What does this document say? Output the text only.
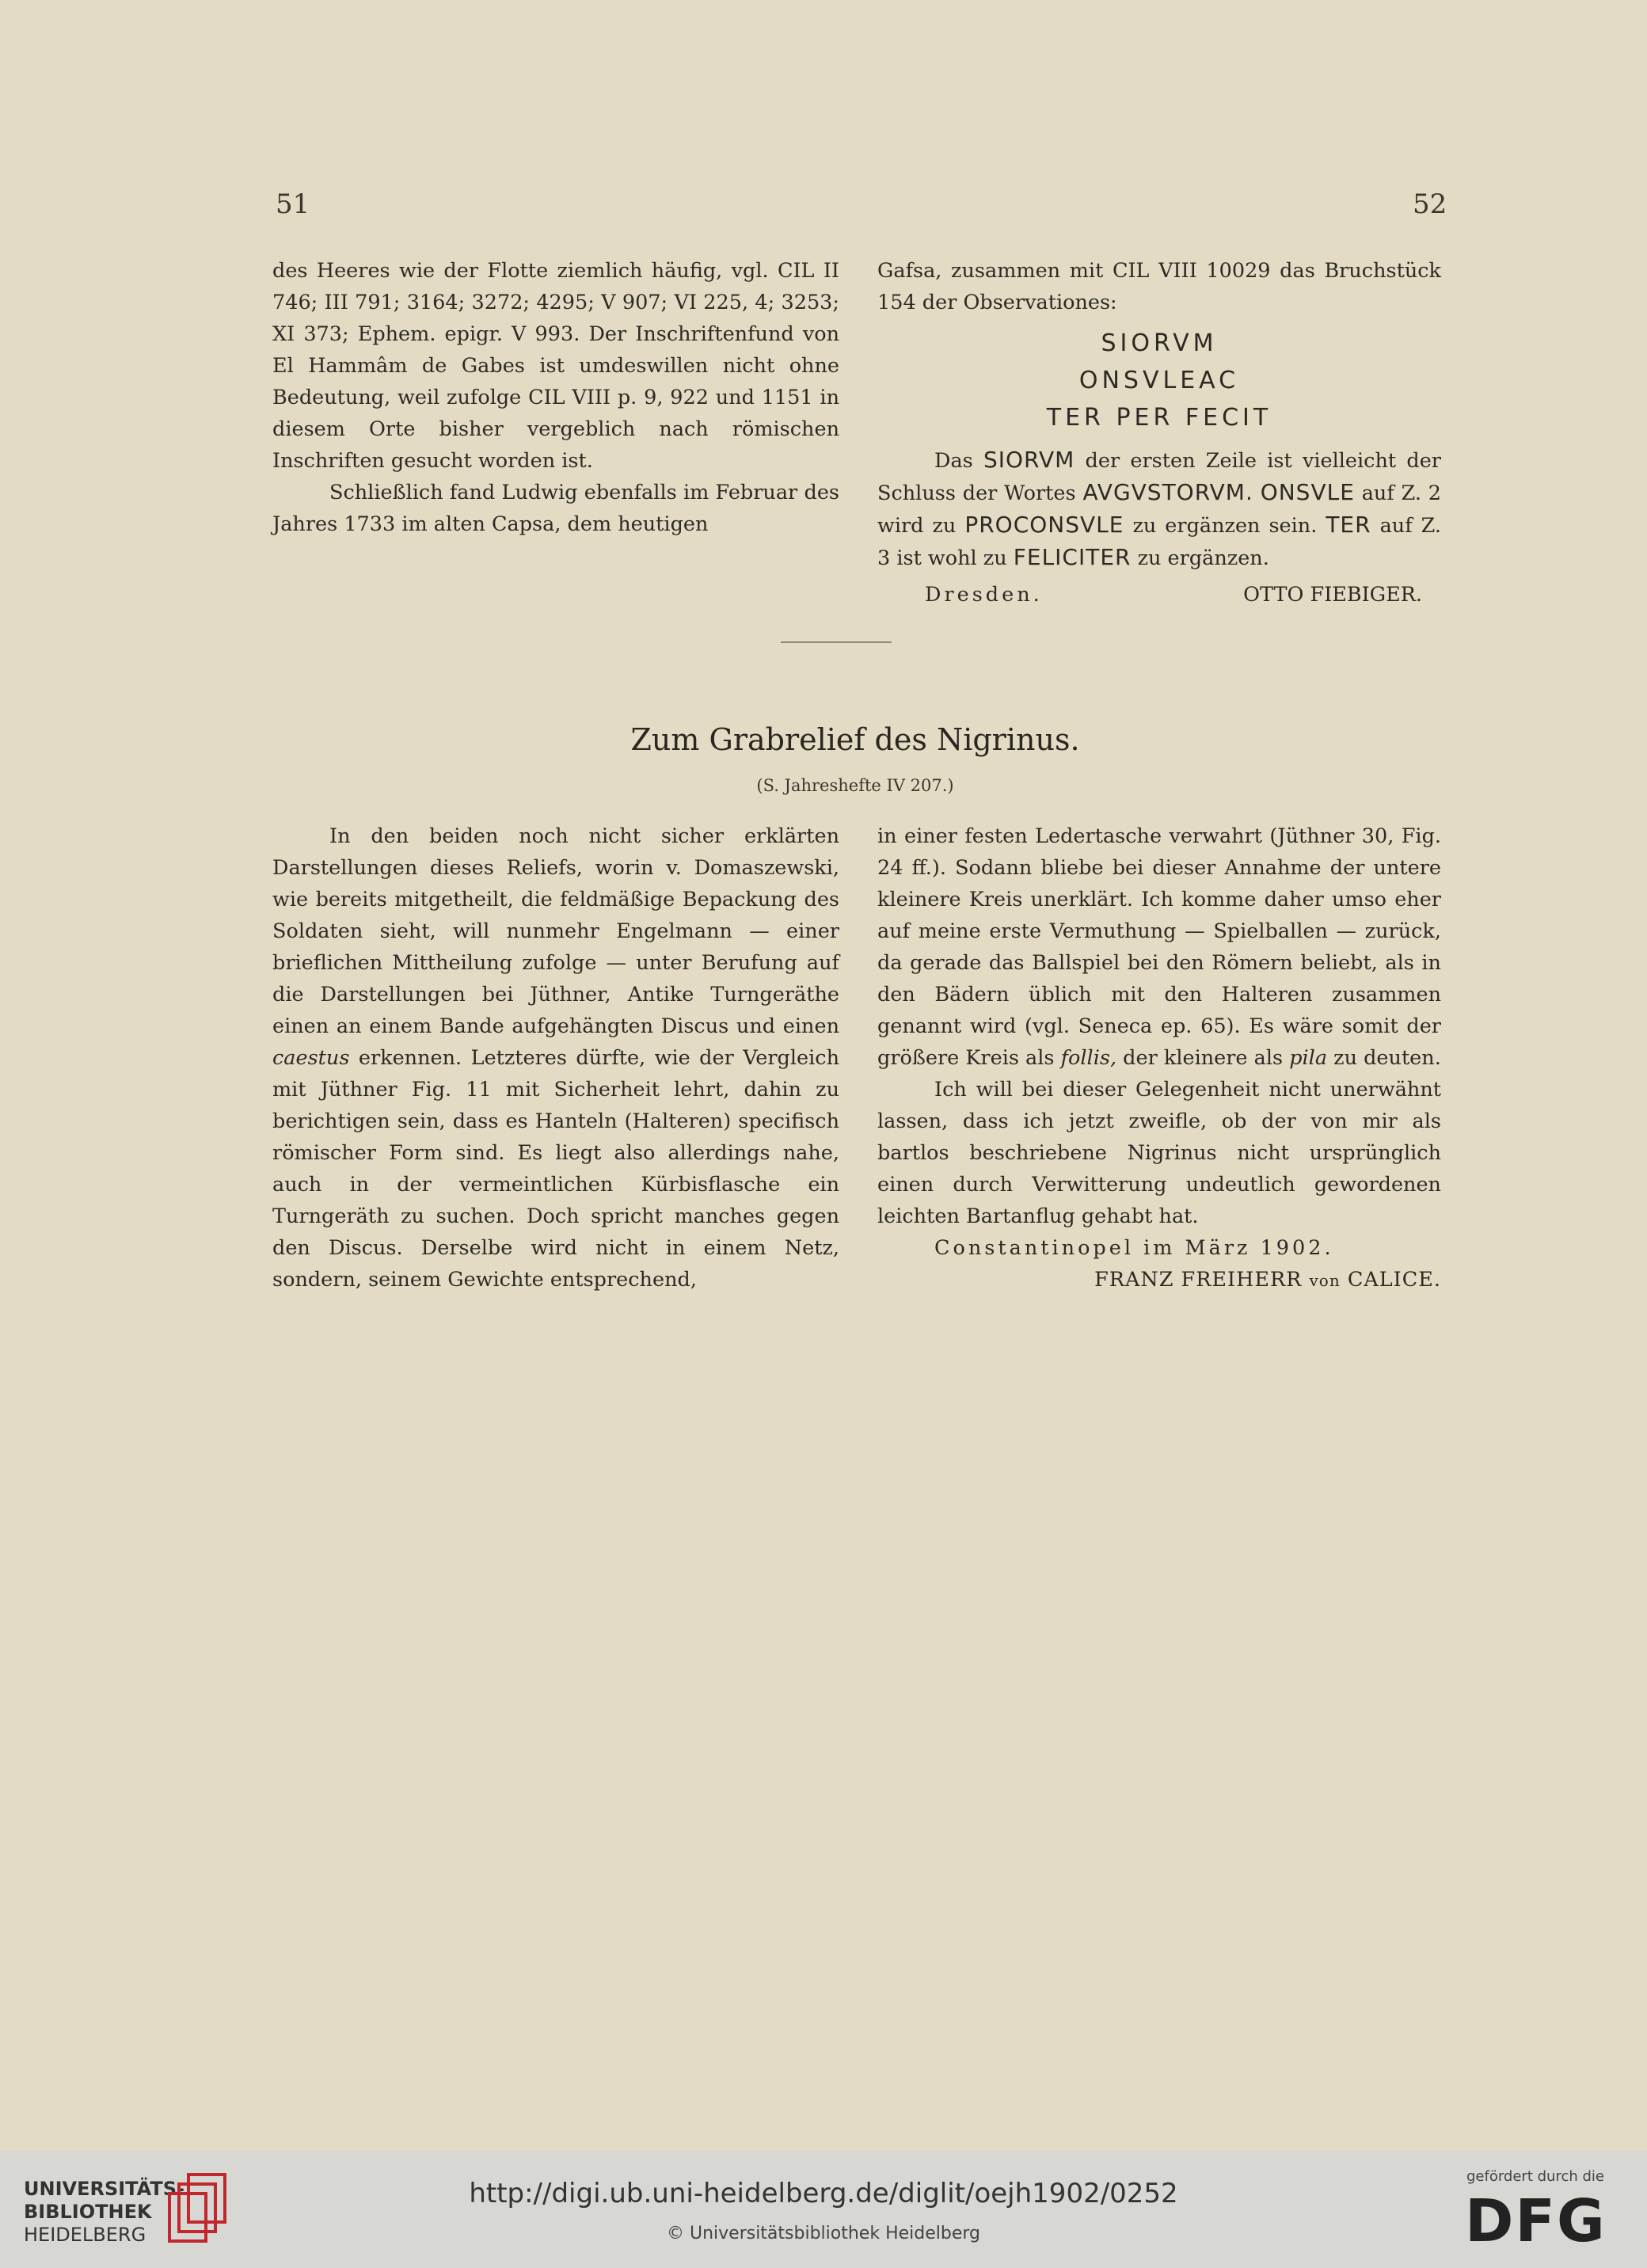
51	52

des Heeres wie der Flotte ziemlich häufig, vgl. CIL II 746; III 791; 3164; 3272; 4295; V 907; VI 225, 4; 3253; XI 373; Ephem. epigr. V 993. Der Inschriftenfund von El Hammâm de Gabes ist umdeswillen nicht ohne Bedeutung, weil zufolge CIL VIII p. 9, 922 und 1151 in diesem Orte bisher vergeblich nach römischen Inschriften gesucht worden ist.

Schließlich fand Ludwig ebenfalls im Februar des Jahres 1733 im alten Capsa, dem heutigen

Gafsa, zusammen mit CIL VIII 10029 das Bruchstück 154 der Observationes:

SIORVM
ONSVLEAC
TER PER FECIT

Das SIORVM der ersten Zeile ist vielleicht der Schluss der Wortes AVGVSTORVM. ONSVLE auf Z. 2 wird zu PROCONSVLE zu ergänzen sein. TER auf Z. 3 ist wohl zu FELICITER zu ergänzen.

Dresden.	OTTO FIEBIGER.
Zum Grabrelief des Nigrinus.
(S. Jahreshefte IV 207.)

In den beiden noch nicht sicher erklärten Darstellungen dieses Reliefs, worin v. Domaszewski, wie bereits mitgetheilt, die feldmäßige Bepackung des Soldaten sieht, will nunmehr Engelmann — einer brieflichen Mittheilung zufolge — unter Berufung auf die Darstellungen bei Jüthner, Antike Turngeräthe einen an einem Bande aufgehängten Discus und einen caestus erkennen. Letzteres dürfte, wie der Vergleich mit Jüthner Fig. 11 mit Sicherheit lehrt, dahin zu berichtigen sein, dass es Hanteln (Halteren) specifisch römischer Form sind. Es liegt also allerdings nahe, auch in der vermeintlichen Kürbisflasche ein Turngeräth zu suchen. Doch spricht manches gegen den Discus. Derselbe wird nicht in einem Netz, sondern, seinem Gewichte entsprechend,

in einer festen Ledertasche verwahrt (Jüthner 30, Fig. 24 ff.). Sodann bliebe bei dieser Annahme der untere kleinere Kreis unerklärt. Ich komme daher umso eher auf meine erste Vermuthung — Spielballen — zurück, da gerade das Ballspiel bei den Römern beliebt, als in den Bädern üblich mit den Halteren zusammen genannt wird (vgl. Seneca ep. 65). Es wäre somit der größere Kreis als follis, der kleinere als pila zu deuten.

Ich will bei dieser Gelegenheit nicht unerwähnt lassen, dass ich jetzt zweifle, ob der von mir als bartlos beschriebene Nigrinus nicht ursprünglich einen durch Verwitterung undeutlich gewordenen leichten Bartanflug gehabt hat.

Constantinopel im März 1902.

FRANZ FREIHERR von CALICE.

UNIVERSITÄTS-
BIBLIOTHEK
HEIDELBERG
http://digi.ub.uni-heidelberg.de/diglit/oejh1902/0252
© Universitätsbibliothek Heidelberg
gefördert durch die
DFG
